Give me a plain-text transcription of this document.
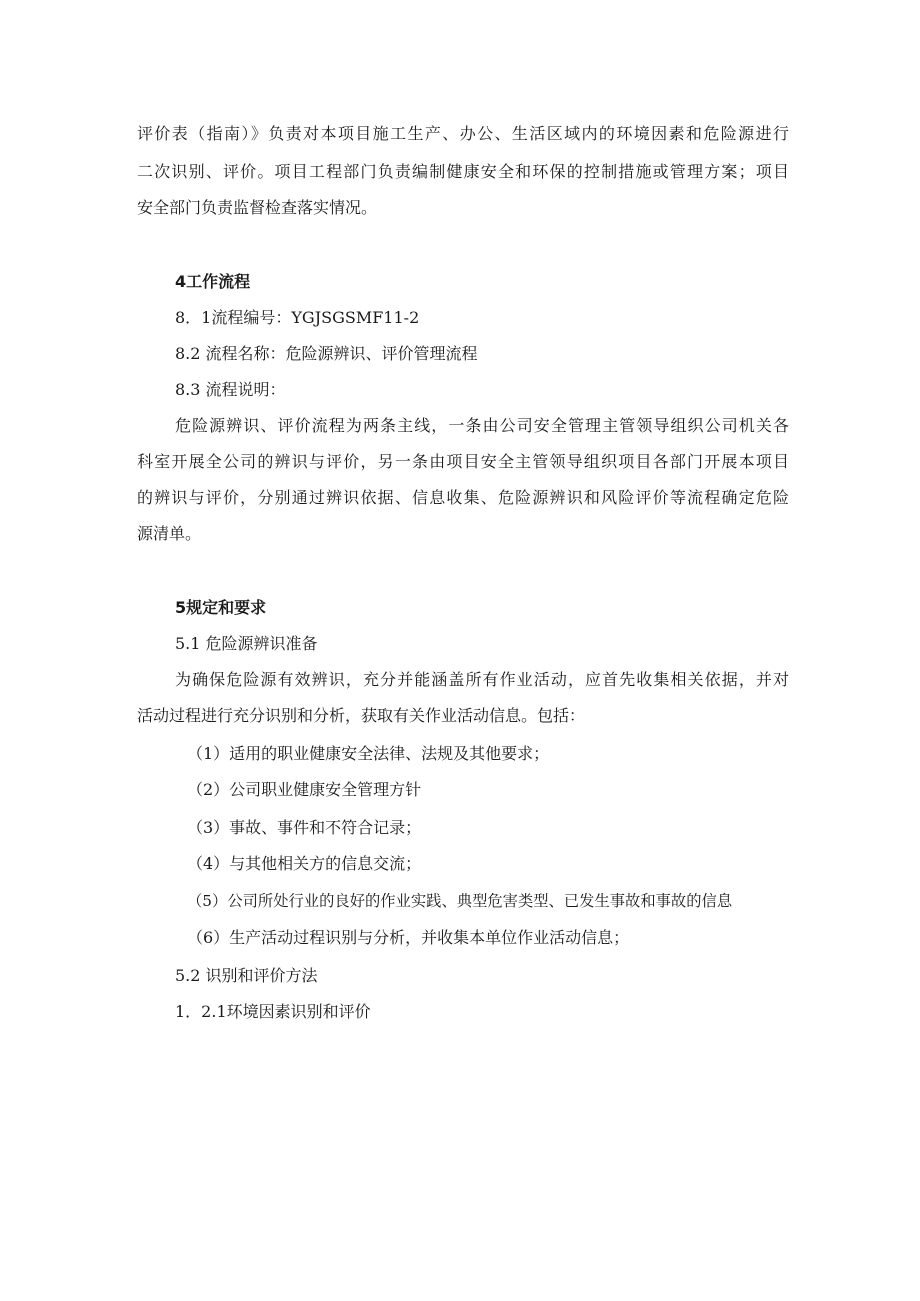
评价表（指南）》负责对本项目施工生产、办公、生活区域内的环境因素和危险源进行
二次识别、评价。项目工程部门负责编制健康安全和环保的控制措施或管理方案；项目
安全部门负责监督检查落实情况。
4工作流程
8．1流程编号：YGJSGSMF11-2
8.2 流程名称：危险源辨识、评价管理流程
8.3 流程说明：
危险源辨识、评价流程为两条主线，一条由公司安全管理主管领导组织公司机关各
科室开展全公司的辨识与评价，另一条由项目安全主管领导组织项目各部门开展本项目
的辨识与评价，分别通过辨识依据、信息收集、危险源辨识和风险评价等流程确定危险
源清单。
5规定和要求
5.1 危险源辨识准备
为确保危险源有效辨识，充分并能涵盖所有作业活动，应首先收集相关依据，并对
活动过程进行充分识别和分析，获取有关作业活动信息。包括：
（1）适用的职业健康安全法律、法规及其他要求；
（2）公司职业健康安全管理方针
（3）事故、事件和不符合记录；
（4）与其他相关方的信息交流；
（5）公司所处行业的良好的作业实践、典型危害类型、已发生事故和事故的信息
（6）生产活动过程识别与分析，并收集本单位作业活动信息；
5.2 识别和评价方法
1．2.1环境因素识别和评价
